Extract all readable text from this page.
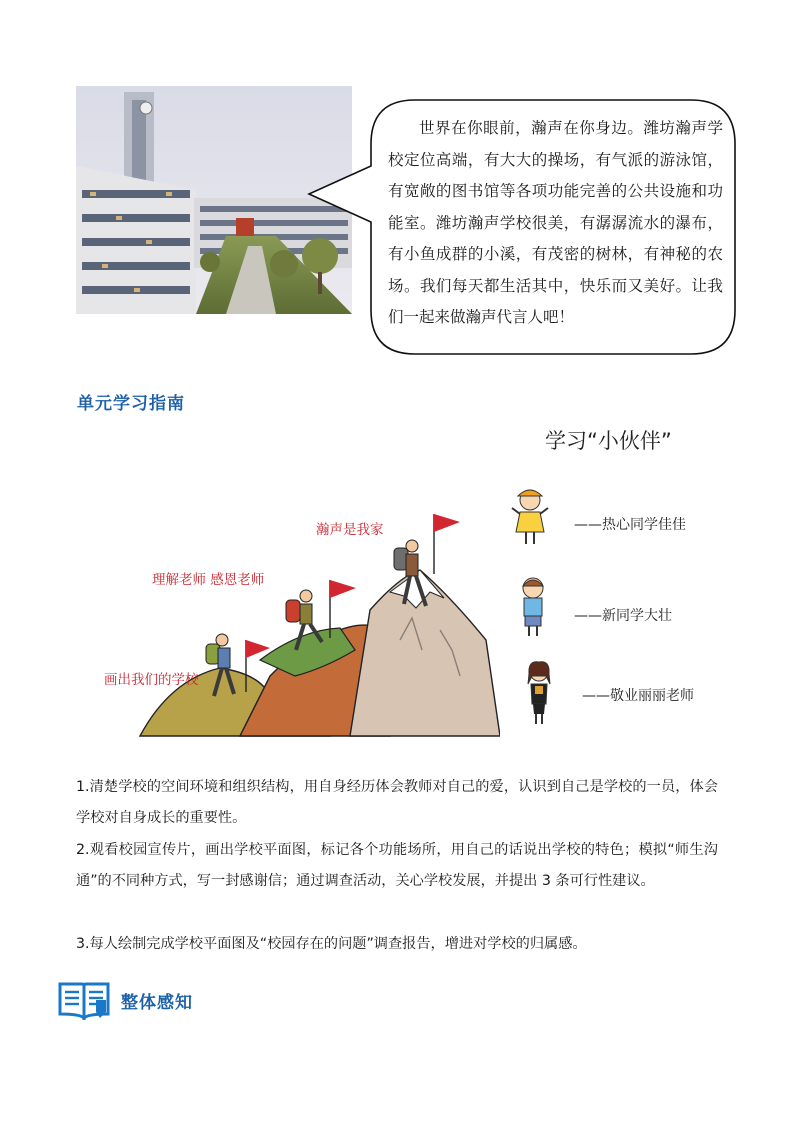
世界在你眼前，瀚声在你身边。潍坊瀚声学校定位高端，有大大的操场，有气派的游泳馆，有宽敞的图书馆等各项功能完善的公共设施和功能室。潍坊瀚声学校很美，有潺潺流水的瀑布，有小鱼成群的小溪，有茂密的树林，有神秘的农场。我们每天都生活其中，快乐而又美好。让我们一起来做瀚声代言人吧！
单元学习指南
学习“小伙伴”
画出我们的学校
理解老师 感恩老师
瀚声是我家	——热心同学佳佳
——新同学大壮
——敬业丽丽老师
1.清楚学校的空间环境和组织结构，用自身经历体会教师对自己的爱，认识到自己是学校的一员，体会学校对自身成长的重要性。
2.观看校园宣传片，画出学校平面图，标记各个功能场所，用自己的话说出学校的特色；模拟“师生沟通”的不同种方式，写一封感谢信；通过调查活动，关心学校发展，并提出 3 条可行性建议。
3.每人绘制完成学校平面图及“校园存在的问题”调查报告，增进对学校的归属感。
整体感知
